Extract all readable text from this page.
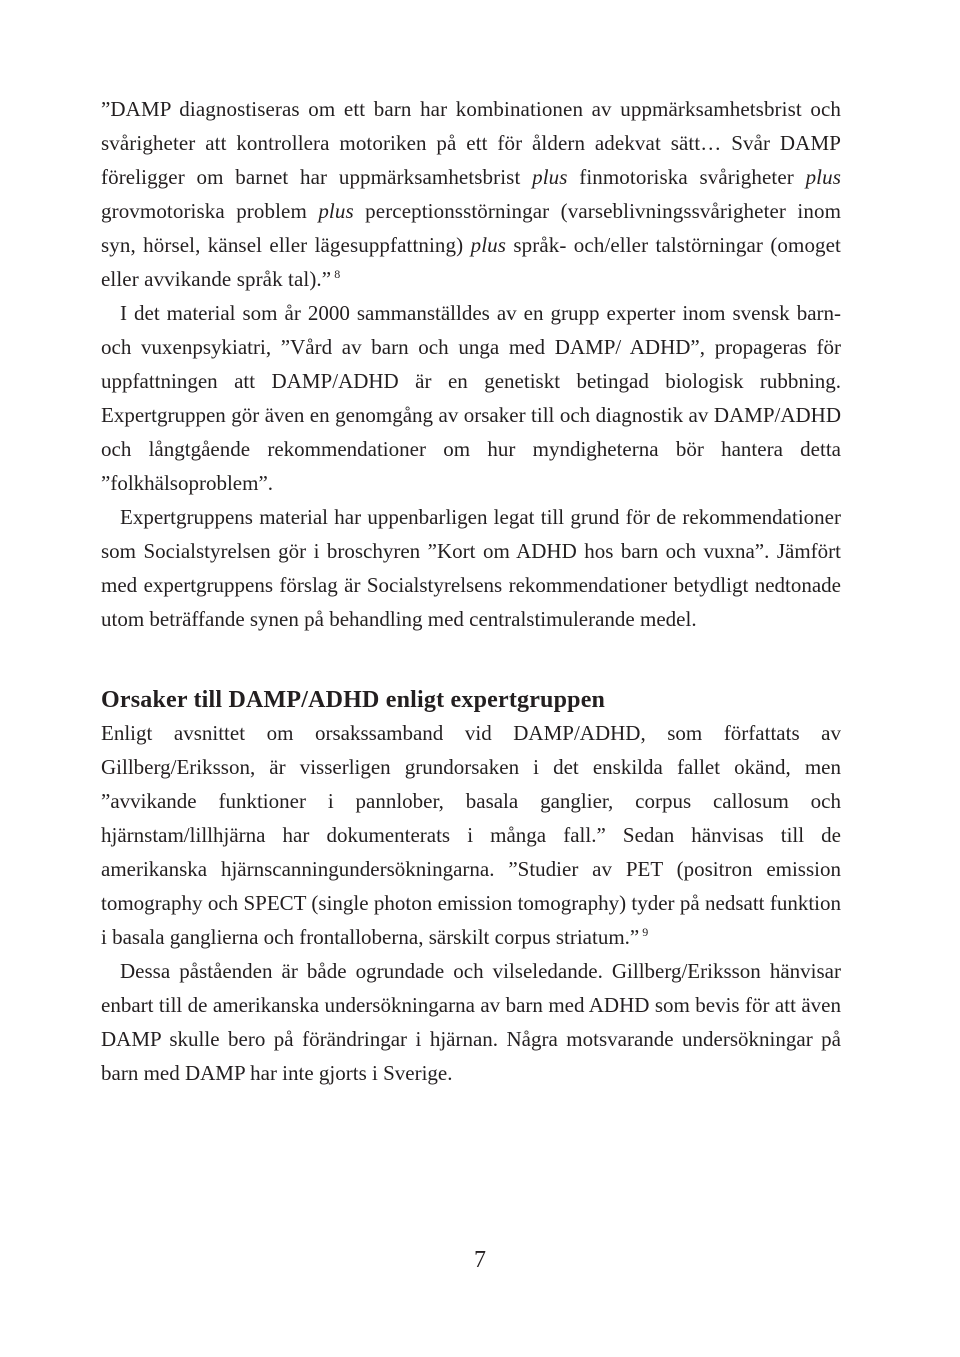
”DAMP diagnostiseras om ett barn har kombinationen av uppmärksamhetsbrist och svårigheter att kontrollera motoriken på ett för åldern adekvat sätt… Svår DAMP föreligger om barnet har uppmärksamhetsbrist plus finmotoriska svårigheter plus grovmotoriska problem plus perceptionsstörningar (varseblivningssvårigheter inom syn, hörsel, känsel eller lägesuppfattning) plus språk- och/eller talstörningar (omoget eller avvikande språk tal).” $^8$

I det material som år 2000 sammanställdes av en grupp experter inom svensk barn- och vuxenpsykiatri, ”Vård av barn och unga med DAMP/ ADHD”, propageras för uppfattningen att DAMP/ADHD är en genetiskt betingad biologisk rubbning. Expertgruppen gör även en genomgång av orsaker till och diagnostik av DAMP/ADHD och långtgående rekommendationer om hur myndigheterna bör hantera detta ”folkhälsoproblem”.

Expertgruppens material har uppenbarligen legat till grund för de rekommendationer som Socialstyrelsen gör i broschyren ”Kort om ADHD hos barn och vuxna”. Jämfört med expertgruppens förslag är Socialstyrelsens rekommendationer betydligt nedtonade utom beträffande synen på behandling med centralstimulerande medel.

Orsaker till DAMP/ADHD enligt expertgruppen

Enligt avsnittet om orsakssamband vid DAMP/ADHD, som författats av Gillberg/Eriksson, är visserligen grundorsaken i det enskilda fallet okänd, men ”avvikande funktioner i pannlober, basala ganglier, corpus callosum och hjärnstam/lillhjärna har dokumenterats i många fall.” Sedan hänvisas till de amerikanska hjärnscanningundersökningarna. ”Studier av PET (positron emission tomography och SPECT (single photon emission tomography) tyder på nedsatt funktion i basala ganglierna och frontalloberna, särskilt corpus striatum.” $^9$

Dessa påståenden är både ogrundade och vilseledande. Gillberg/Eriksson hänvisar enbart till de amerikanska undersökningarna av barn med ADHD som bevis för att även DAMP skulle bero på förändringar i hjärnan. Några motsvarande undersökningar på barn med DAMP har inte gjorts i Sverige.

7
